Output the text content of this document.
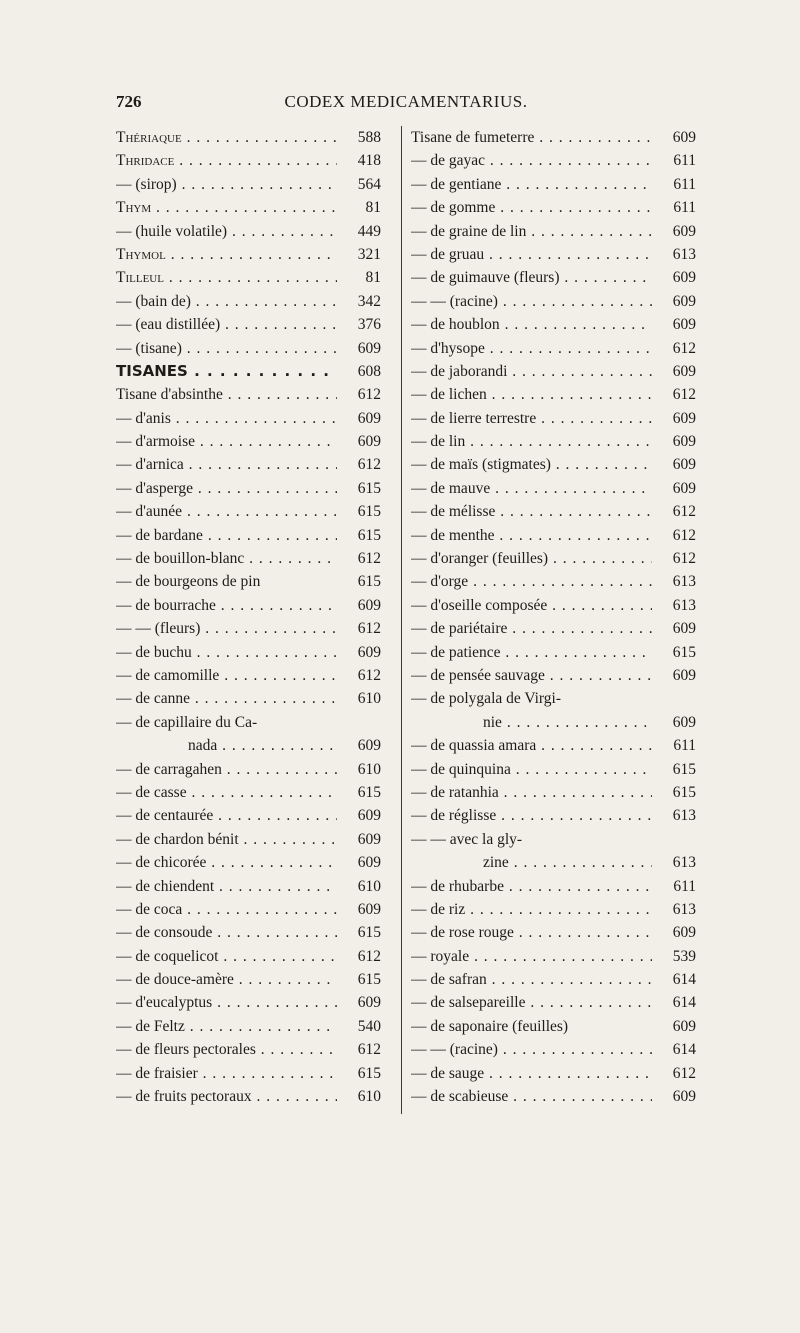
726	CODEX MEDICAMENTARIUS.
Thériaque . . .	588
Thridace . . .	418
— (sirop) . . .	564
Thym . . .	81
— (huile volatile) . . .	449
Thymol . . .	321
Tilleul . . .	81
— (bain de) . . .	342
— (eau distillée) . . .	376
— (tisane) . . .	609
TISANES . . .	608
Tisane d'absinthe . . .	612
— d'anis . . .	609
— d'armoise . . .	609
— d'arnica . . .	612
— d'asperge . . .	615
— d'aunée . . .	615
— de bardane . . .	615
— de bouillon-blanc . . .	612
— de bourgeons de pin	615
— de bourrache . . .	609
— — (fleurs) . . .	612
— de buchu . . .	609
— de camomille . . .	612
— de canne . . .	610
— de capillaire du Ca-
nada . . .	609
— de carragahen . . .	610
— de casse . . .	615
— de centaurée . . .	609
— de chardon bénit . . .	609
— de chicorée . . .	609
— de chiendent . . .	610
— de coca . . .	609
— de consoude . . .	615
— de coquelicot . . .	612
— de douce-amère . . .	615
— d'eucalyptus . . .	609
— de Feltz . . .	540
— de fleurs pectorales . . .	612
— de fraisier . . .	615
— de fruits pectoraux . . .	610
Tisane de fumeterre . . .	609
— de gayac . . .	611
— de gentiane . . .	611
— de gomme . . .	611
— de graine de lin . . .	609
— de gruau . . .	613
— de guimauve (fleurs) . . .	609
— — (racine) . . .	609
— de houblon . . .	609
— d'hysope . . .	612
— de jaborandi . . .	609
— de lichen . . .	612
— de lierre terrestre . . .	609
— de lin . . .	609
— de maïs (stigmates) . . .	609
— de mauve . . .	609
— de mélisse . . .	612
— de menthe . . .	612
— d'oranger (feuilles) . . .	612
— d'orge . . .	613
— d'oseille composée . . .	613
— de pariétaire . . .	609
— de patience . . .	615
— de pensée sauvage . . .	609
— de polygala de Virgi-
nie . . .	609
— de quassia amara . . .	611
— de quinquina . . .	615
— de ratanhia . . .	615
— de réglisse . . .	613
— — avec la gly-
zine . . .	613
— de rhubarbe . . .	611
— de riz . . .	613
— de rose rouge . . .	609
— royale . . .	539
— de safran . . .	614
— de salsepareille . . .	614
— de saponaire (feuilles)	609
— — (racine) . . .	614
— de sauge . . .	612
— de scabieuse . . .	609
